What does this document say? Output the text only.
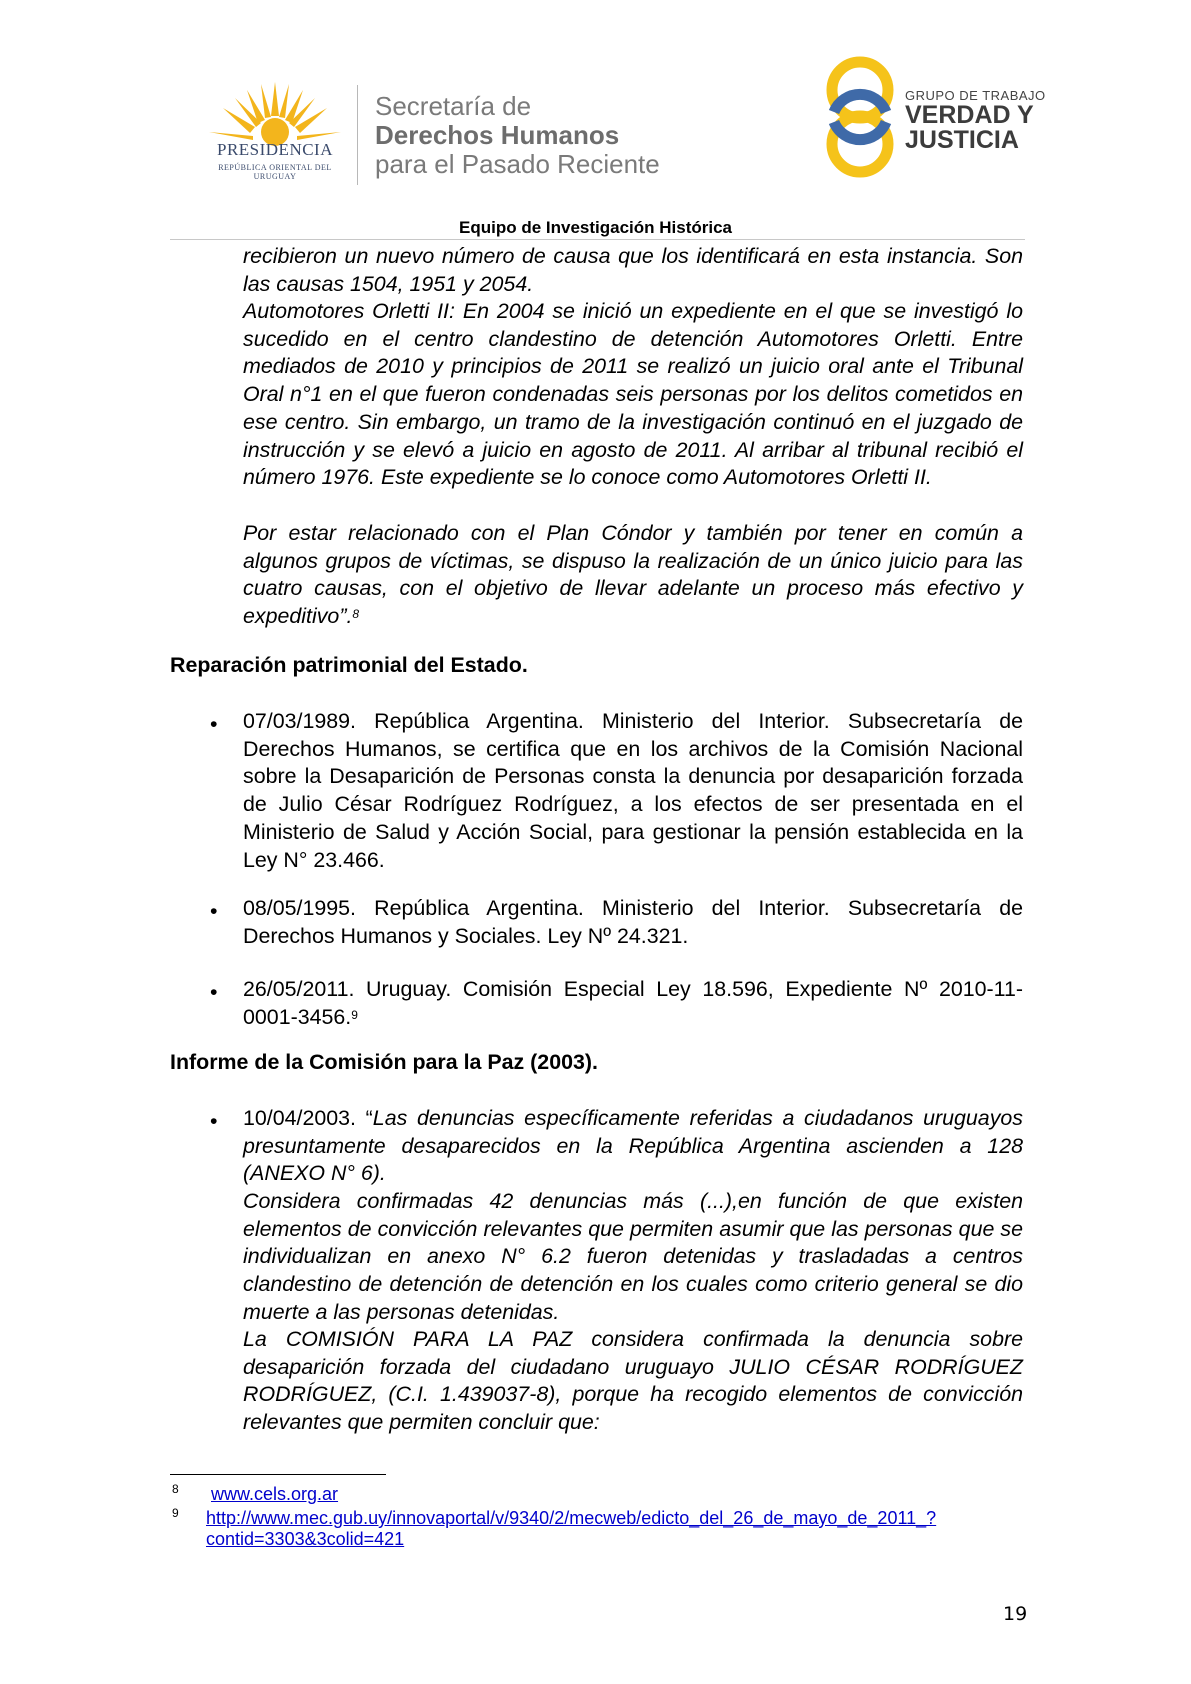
PRESIDENCIA
REPÚBLICA ORIENTAL DEL URUGUAY
Secretaría de
Derechos Humanos
para el Pasado Reciente
GRUPO DE TRABAJO
VERDAD Y
JUSTICIA
Equipo de Investigación Histórica
recibieron un nuevo número de causa que los identificará en esta instancia. Son las causas 1504, 1951 y 2054.
Automotores Orletti II: En 2004 se inició un expediente en el que se investigó lo sucedido en el centro clandestino de detención Automotores Orletti. Entre mediados de 2010 y principios de 2011 se realizó un juicio oral ante el Tribunal Oral n°1 en el que fueron condenadas seis personas por los delitos cometidos en ese centro. Sin embargo, un tramo de la investigación continuó en el juzgado de instrucción y se elevó a juicio en agosto de 2011. Al arribar al tribunal recibió el número 1976. Este expediente se lo conoce como Automotores Orletti II.
Por estar relacionado con el Plan Cóndor y también por tener en común a algunos grupos de víctimas, se dispuso la realización de un único juicio para las cuatro causas, con el objetivo de llevar adelante un proceso más efectivo y expeditivo”.$^8$
Reparación patrimonial del Estado.
• 07/03/1989. República Argentina. Ministerio del Interior. Subsecretaría de Derechos Humanos, se certifica que en los archivos de la Comisión Nacional sobre la Desaparición de Personas consta la denuncia por desaparición forzada de Julio César Rodríguez Rodríguez, a los efectos de ser presentada en el Ministerio de Salud y Acción Social, para gestionar la pensión establecida en la Ley N° 23.466.
• 08/05/1995. República Argentina. Ministerio del Interior. Subsecretaría de Derechos Humanos y Sociales. Ley Nº 24.321.
• 26/05/2011. Uruguay. Comisión Especial Ley 18.596, Expediente Nº 2010-11-0001-3456.$^9$
Informe de la Comisión para la Paz (2003).
• 10/04/2003. “Las denuncias específicamente referidas a ciudadanos uruguayos presuntamente desaparecidos en la República Argentina ascienden a 128 (ANEXO N° 6).
Considera confirmadas 42 denuncias más (...),en función de que existen elementos de convicción relevantes que permiten asumir que las personas que se individualizan en anexo N° 6.2 fueron detenidas y trasladadas a centros clandestino de detención de detención en los cuales como criterio general se dio muerte a las personas detenidas.
La COMISIÓN PARA LA PAZ considera confirmada la denuncia sobre desaparición forzada del ciudadano uruguayo JULIO CÉSAR RODRÍGUEZ RODRÍGUEZ, (C.I. 1.439037-8), porque ha recogido elementos de convicción relevantes que permiten concluir que:
8 www.cels.org.ar
9 http://www.mec.gub.uy/innovaportal/v/9340/2/mecweb/edicto_del_26_de_mayo_de_2011_?
contid=3303&3colid=421
19
